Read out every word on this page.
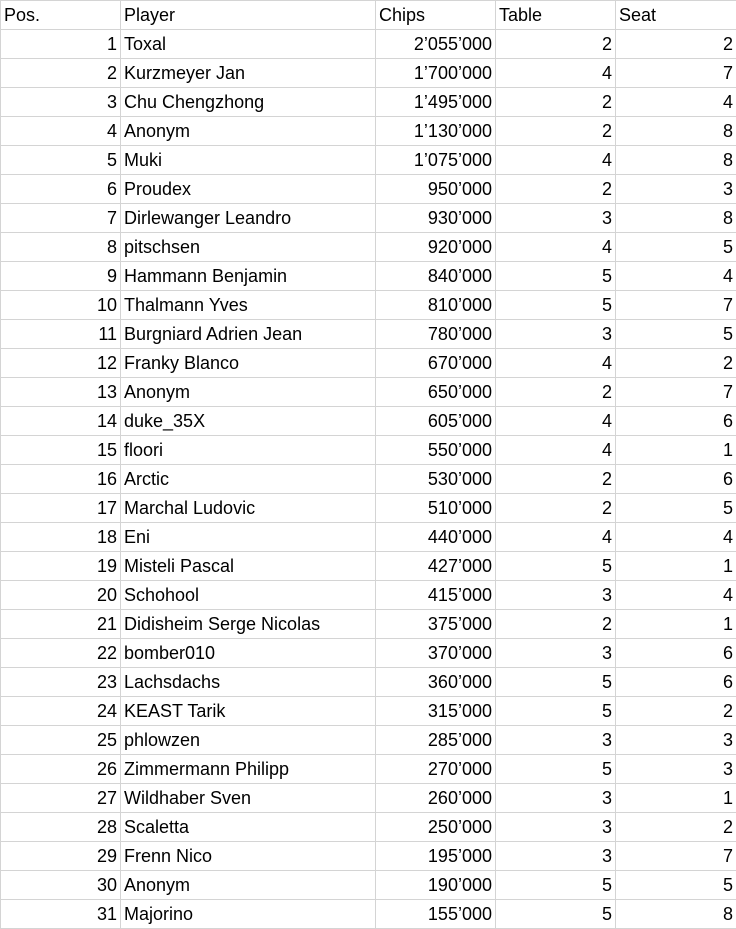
Pos.	Player	Chips	Table	Seat
1	Toxal	2’055’000	2	2
2	Kurzmeyer Jan	1’700’000	4	7
3	Chu Chengzhong	1’495’000	2	4
4	Anonym	1’130’000	2	8
5	Muki	1’075’000	4	8
6	Proudex	950’000	2	3
7	Dirlewanger Leandro	930’000	3	8
8	pitschsen	920’000	4	5
9	Hammann Benjamin	840’000	5	4
10	Thalmann Yves	810’000	5	7
11	Burgniard Adrien Jean	780’000	3	5
12	Franky Blanco	670’000	4	2
13	Anonym	650’000	2	7
14	duke_35X	605’000	4	6
15	floori	550’000	4	1
16	Arctic	530’000	2	6
17	Marchal Ludovic	510’000	2	5
18	Eni	440’000	4	4
19	Misteli Pascal	427’000	5	1
20	Schohool	415’000	3	4
21	Didisheim Serge Nicolas	375’000	2	1
22	bomber010	370’000	3	6
23	Lachsdachs	360’000	5	6
24	KEAST Tarik	315’000	5	2
25	phlowzen	285’000	3	3
26	Zimmermann Philipp	270’000	5	3
27	Wildhaber Sven	260’000	3	1
28	Scaletta	250’000	3	2
29	Frenn Nico	195’000	3	7
30	Anonym	190’000	5	5
31	Majorino	155’000	5	8
